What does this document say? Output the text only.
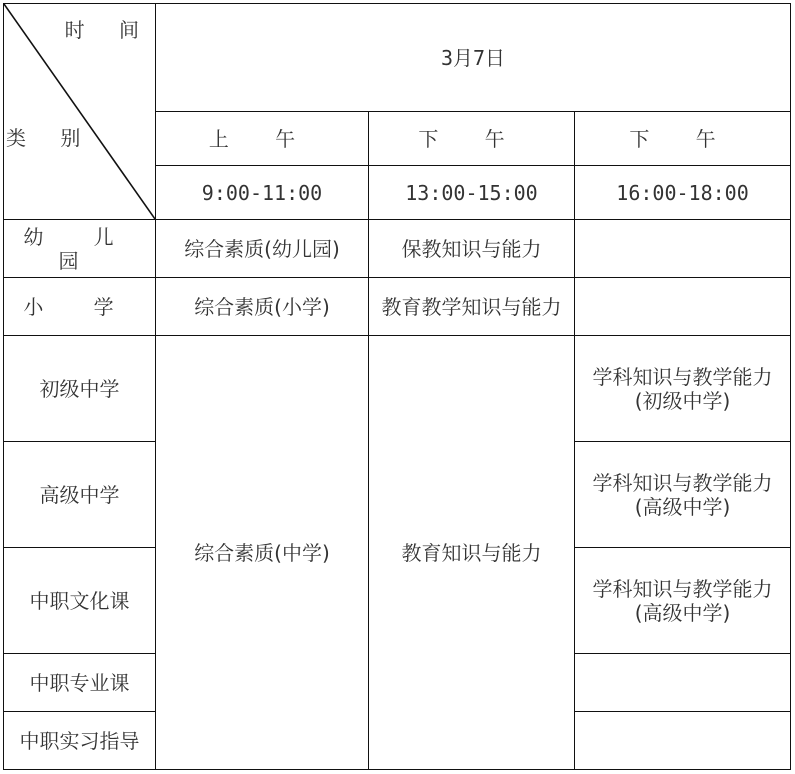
时 间
类 别	3月7日		
	上 午	下 午	下 午
	9:00-11:00	13:00-15:00	16:00-18:00
幼 儿 园	综合素质(幼儿园)	保教知识与能力	
小 学	综合素质(小学)	教育教学知识与能力	
初级中学	综合素质(中学)	教育知识与能力	学科知识与教学能力
(初级中学)

高级中学			学科知识与教学能力
(高级中学)

中职文化课			学科知识与教学能力
(高级中学)

中职专业课			
中职实习指导			
